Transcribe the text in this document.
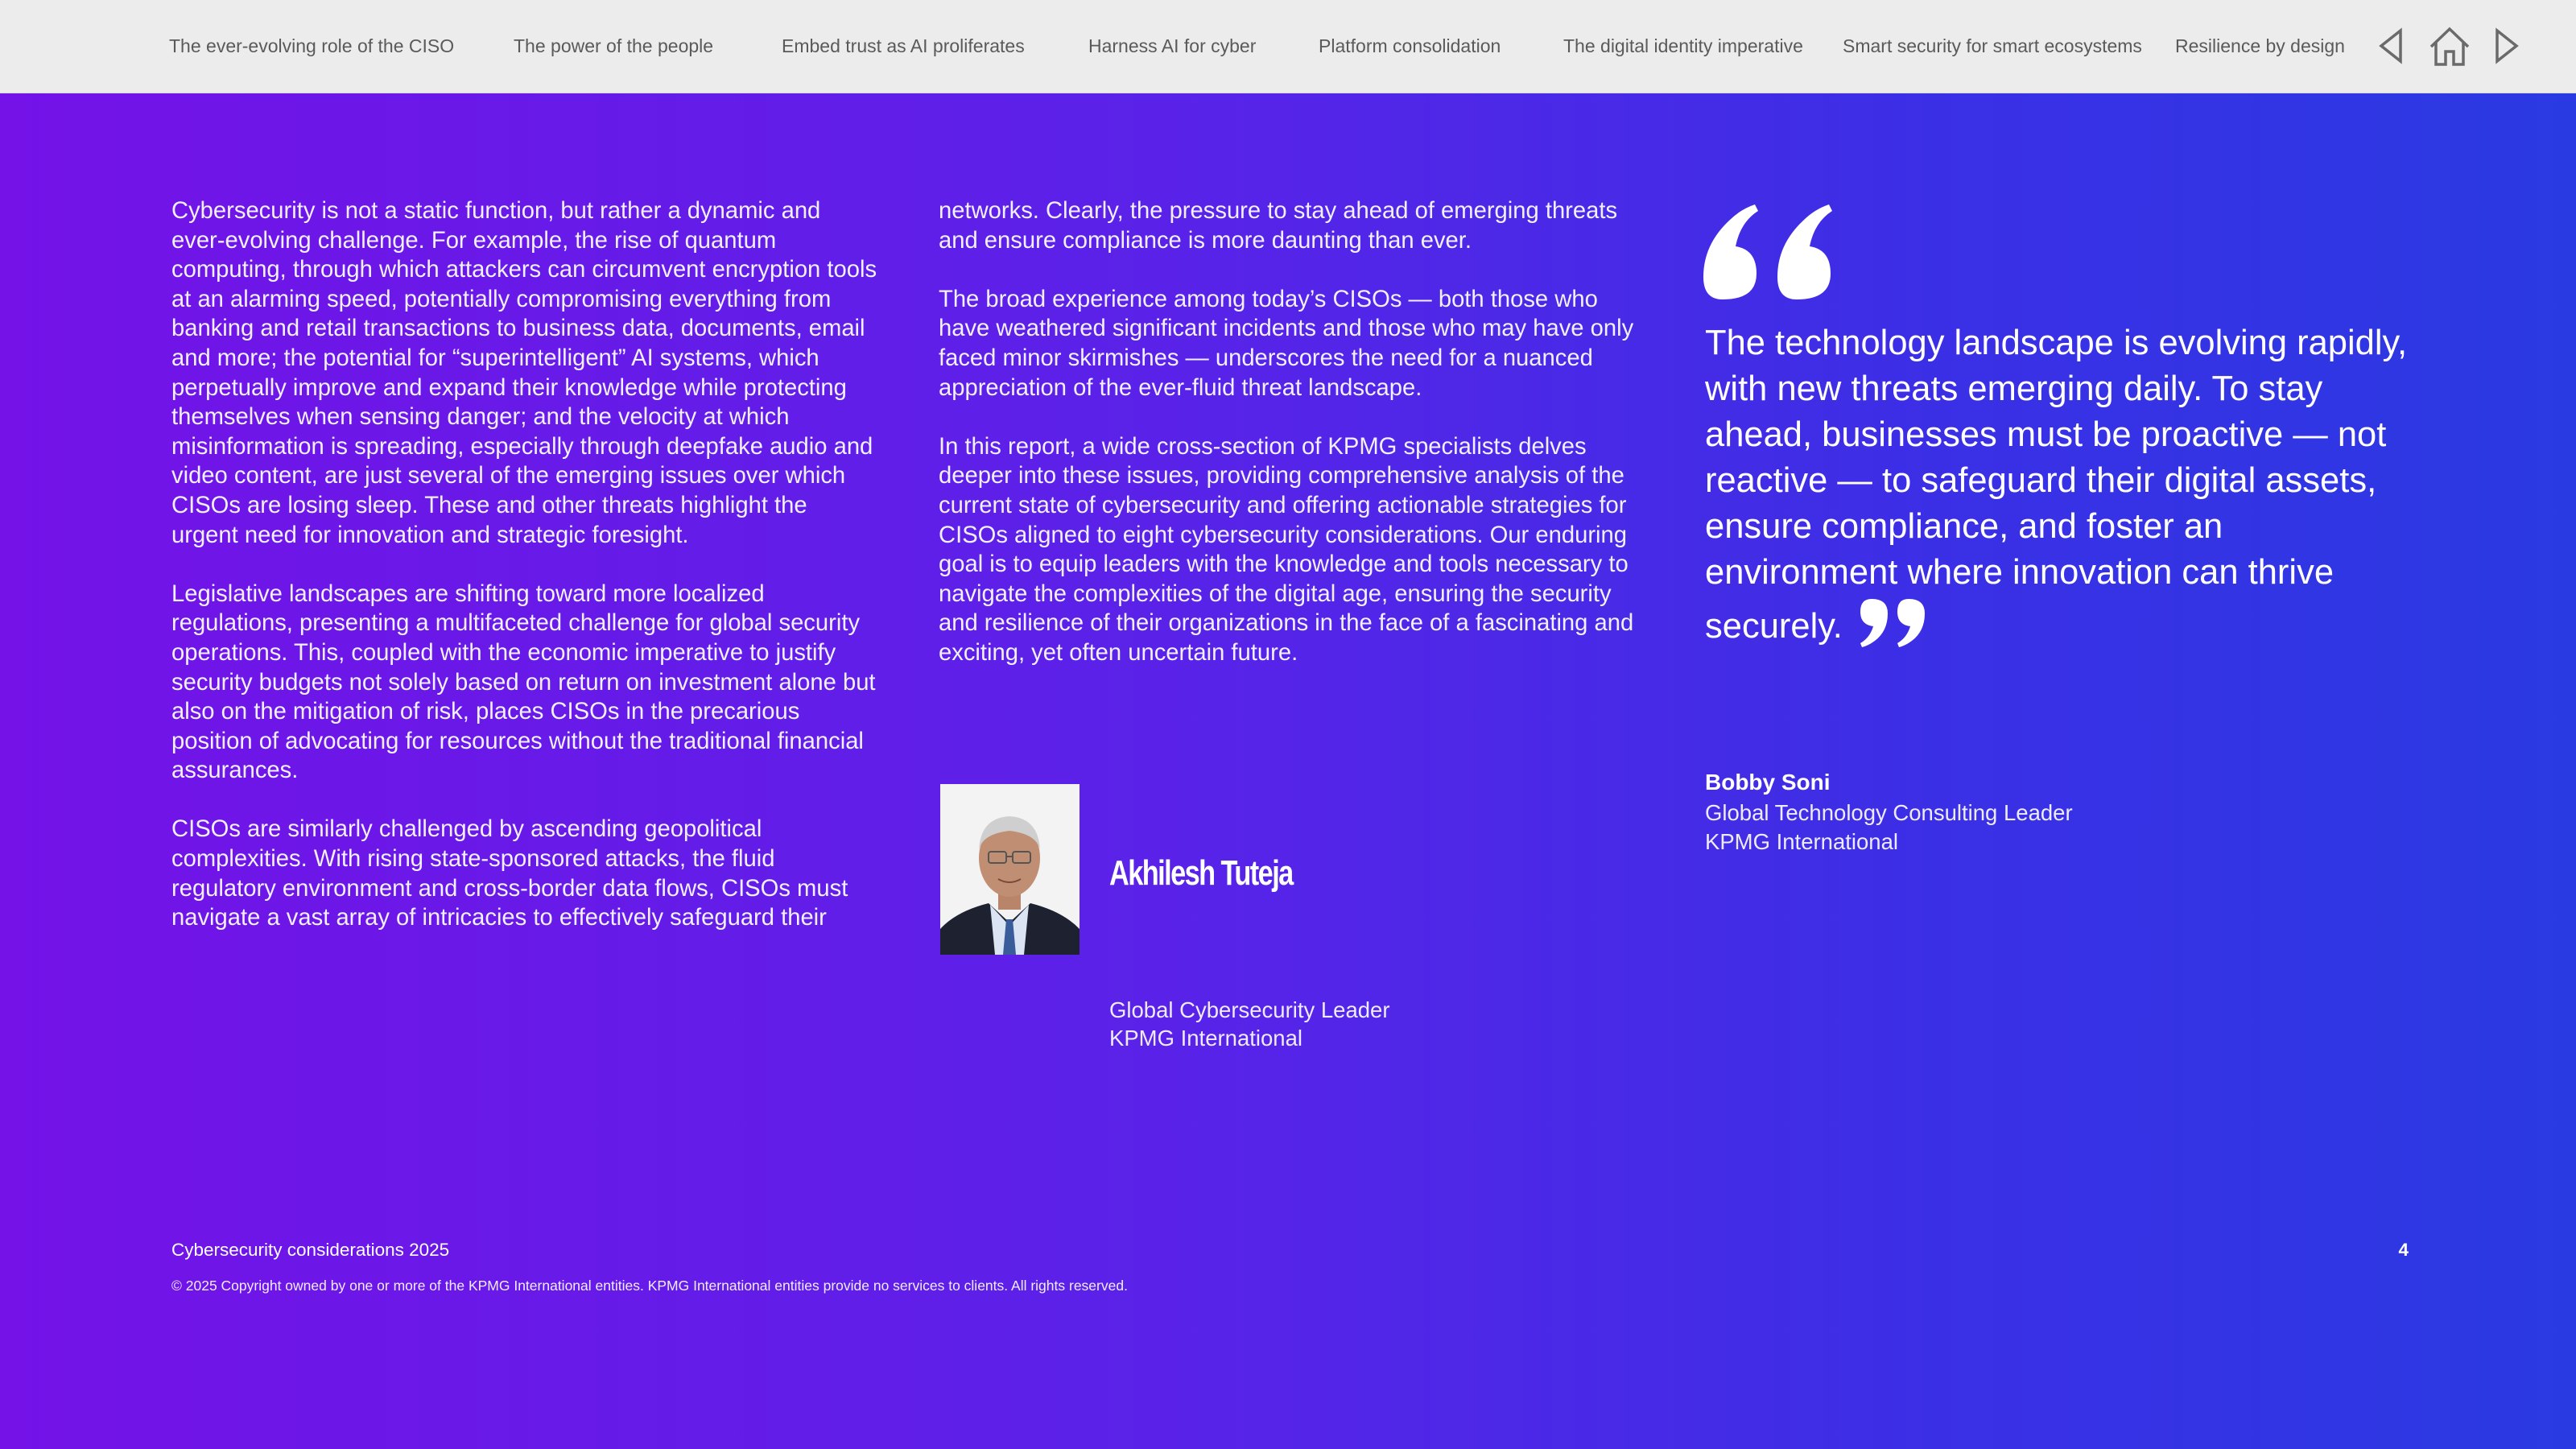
The ever-evolving role of the CISO	The power of the people	Embed trust as AI proliferates	Harness AI for cyber	Platform consolidation	The digital identity imperative Smart security for smart ecosystems Resilience by design

Cybersecurity is not a static function, but rather a dynamic and ever-evolving challenge. For example, the rise of quantum computing, through which attackers can circumvent encryption tools at an alarming speed, potentially compromising everything from banking and retail transactions to business data, documents, email and more; the potential for “superintelligent” AI systems, which perpetually improve and expand their knowledge while protecting themselves when sensing danger; and the velocity at which misinformation is spreading, especially through deepfake audio and video content, are just several of the emerging issues over which CISOs are losing sleep. These and other threats highlight the urgent need for innovation and strategic foresight.

Legislative landscapes are shifting toward more localized regulations, presenting a multifaceted challenge for global security operations. This, coupled with the economic imperative to justify security budgets not solely based on return on investment alone but also on the mitigation of risk, places CISOs in the precarious position of advocating for resources without the traditional financial assurances.

CISOs are similarly challenged by ascending geopolitical complexities. With rising state-sponsored attacks, the fluid regulatory environment and cross-border data flows, CISOs must navigate a vast array of intricacies to effectively safeguard their

networks. Clearly, the pressure to stay ahead of emerging threats and ensure compliance is more daunting than ever.

The broad experience among today’s CISOs — both those who have weathered significant incidents and those who may have only faced minor skirmishes — underscores the need for a nuanced appreciation of the ever-fluid threat landscape.

In this report, a wide cross-section of KPMG specialists delves deeper into these issues, providing comprehensive analysis of the current state of cybersecurity and offering actionable strategies for CISOs aligned to eight cybersecurity considerations. Our enduring goal is to equip leaders with the knowledge and tools necessary to navigate the complexities of the digital age, ensuring the security and resilience of their organizations in the face of a fascinating and exciting, yet often uncertain future.

Akhilesh Tuteja
Global Cybersecurity Leader
KPMG International
The technology landscape is evolving rapidly, with new threats emerging daily. To stay ahead, businesses must be proactive — not reactive — to safeguard their digital assets, ensure compliance, and foster an environment where innovation can thrive securely.
Bobby Soni
Global Technology Consulting Leader
KPMG International
Cybersecurity considerations 2025	4
© 2025 Copyright owned by one or more of the KPMG International entities. KPMG International entities provide no services to clients. All rights reserved.
